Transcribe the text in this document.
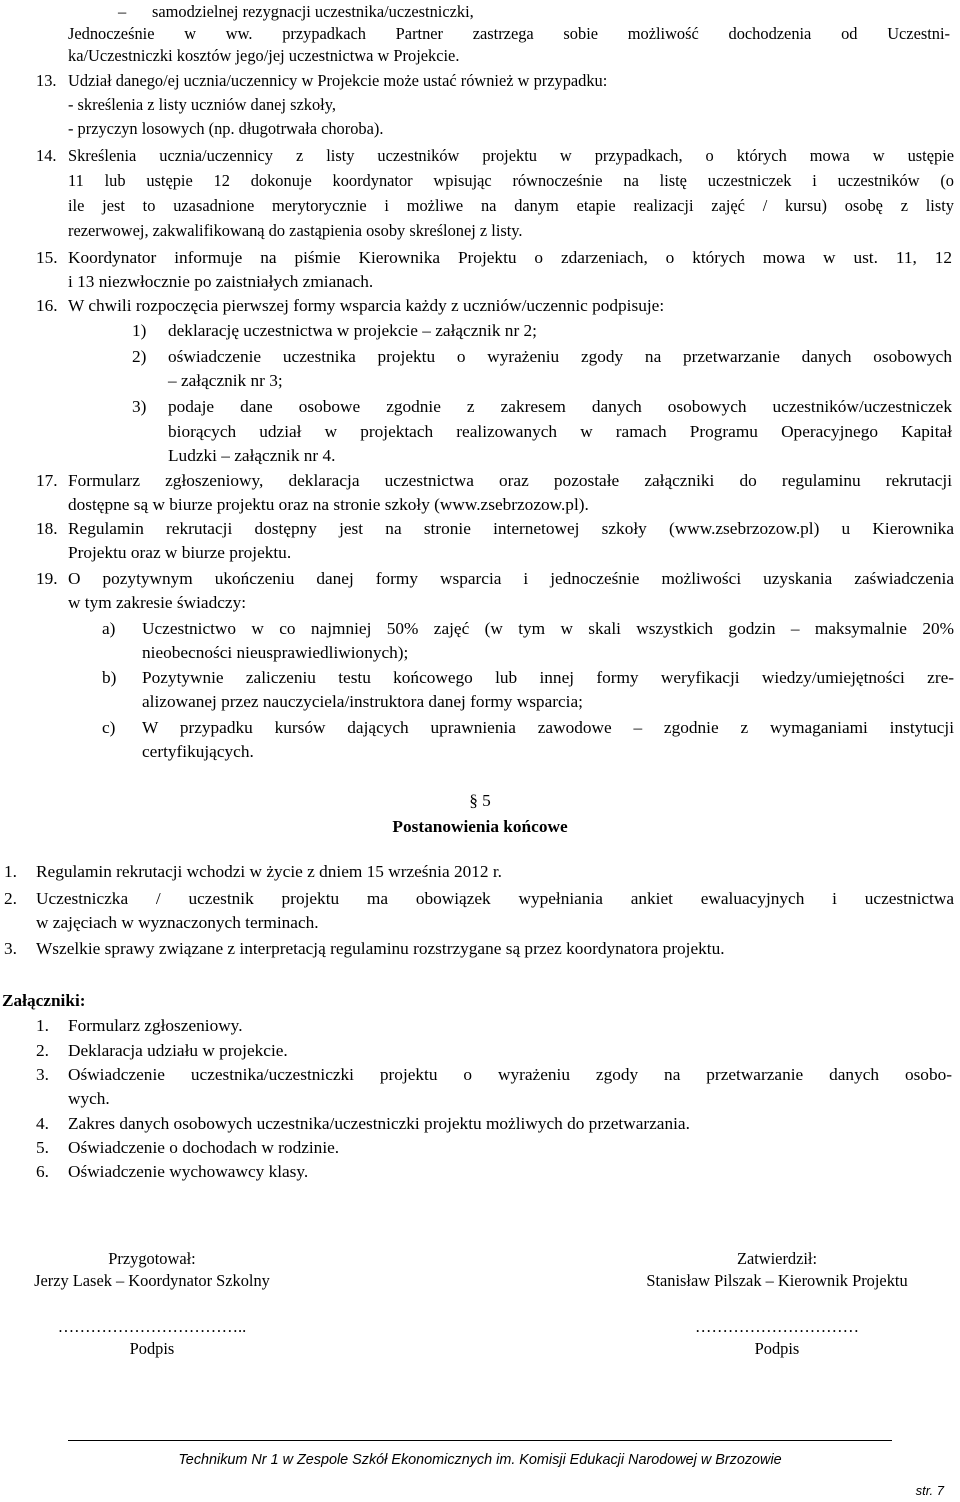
– samodzielnej rezygnacji uczestnika/uczestniczki,
Jednocześnie w ww. przypadkach Partner zastrzega sobie możliwość dochodzenia od Uczestni-
ka/Uczestniczki kosztów jego/jej uczestnictwa w Projekcie.
13. Udział danego/ej ucznia/uczennicy w Projekcie może ustać również w przypadku:
- skreślenia z listy uczniów danej szkoły,
- przyczyn losowych (np. długotrwała choroba).
14. Skreślenia ucznia/uczennicy z listy uczestników projektu w przypadkach, o których mowa w ustępie
11 lub ustępie 12 dokonuje koordynator wpisując równocześnie na listę uczestniczek i uczestników (o
ile jest to uzasadnione merytorycznie i możliwe na danym etapie realizacji zajęć / kursu) osobę z listy
rezerwowej, zakwalifikowaną do zastąpienia osoby skreślonej z listy.
15. Koordynator informuje na piśmie Kierownika Projektu o zdarzeniach, o których mowa w ust. 11, 12
i 13 niezwłocznie po zaistniałych zmianach.
16. W chwili rozpoczęcia pierwszej formy wsparcia każdy z uczniów/uczennic podpisuje:
1) deklarację uczestnictwa w projekcie – załącznik nr 2;
2) oświadczenie uczestnika projektu o wyrażeniu zgody na przetwarzanie danych osobowych
– załącznik nr 3;
3) podaje dane osobowe zgodnie z zakresem danych osobowych uczestników/uczestniczek
biorących udział w projektach realizowanych w ramach Programu Operacyjnego Kapitał
Ludzki – załącznik nr 4.
17. Formularz zgłoszeniowy, deklaracja uczestnictwa oraz pozostałe załączniki do regulaminu rekrutacji
dostępne są w biurze projektu oraz na stronie szkoły (www.zsebrzozow.pl).
18. Regulamin rekrutacji dostępny jest na stronie internetowej szkoły (www.zsebrzozow.pl) u Kierownika
Projektu oraz w biurze projektu.
19. O pozytywnym ukończeniu danej formy wsparcia i jednocześnie możliwości uzyskania zaświadczenia
w tym zakresie świadczy:
a) Uczestnictwo w co najmniej 50% zajęć (w tym w skali wszystkich godzin – maksymalnie 20%
nieobecności nieusprawiedliwionych);
b) Pozytywnie zaliczeniu testu końcowego lub innej formy weryfikacji wiedzy/umiejętności zre-
alizowanej przez nauczyciela/instruktora danej formy wsparcia;
c) W przypadku kursów dających uprawnienia zawodowe – zgodnie z wymaganiami instytucji
certyfikujących.
§ 5
Postanowienia końcowe
1. Regulamin rekrutacji wchodzi w życie z dniem 15 września 2012 r.
2. Uczestniczka / uczestnik projektu ma obowiązek wypełniania ankiet ewaluacyjnych i uczestnictwa
w zajęciach w wyznaczonych terminach.
3. Wszelkie sprawy związane z interpretacją regulaminu rozstrzygane są przez koordynatora projektu.
Załączniki:
1. Formularz zgłoszeniowy.
2. Deklaracja udziału w projekcie.
3. Oświadczenie uczestnika/uczestniczki projektu o wyrażeniu zgody na przetwarzanie danych osobo-
wych.
4. Zakres danych osobowych uczestnika/uczestniczki projektu możliwych do przetwarzania.
5. Oświadczenie o dochodach w rodzinie.
6. Oświadczenie wychowawcy klasy.
Przygotował:
Jerzy Lasek – Koordynator Szkolny
……………………………..
Podpis
Zatwierdził:
Stanisław Pilszak – Kierownik Projektu
…………………………
Podpis
Technikum Nr 1 w Zespole Szkół Ekonomicznych im. Komisji Edukacji Narodowej w Brzozowie
str. 7
